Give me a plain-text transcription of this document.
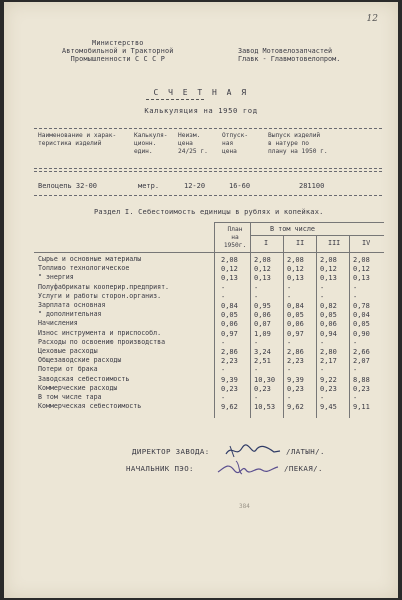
12
Министерство
Автомобильной и Тракторной
Промышленности С С С Р
Завод Мотовелозапчастей
Главк - Главмотовелопром.
С Ч Е Т Н А Я
Калькуляция на 1950 год
Наименование и харак-
теристика изделий
Калькуля-
ционн.
един.
Неизм.
цена
24/25 г.
Отпуск-
ная
цена
Выпуск изделий
в натуре по
плану на 1950 г.
Велоцепь 32-00	метр.	12-20	16-60	281100
Раздел I. Себестоимость единицы в рублях и копейках.
План
на
1950г.
В том числе
I	II	III	IV
Сырье и основные материалы	2,08 2,08 2,08 2,08 2,08
Топливо технологическое	0,12 0,12 0,12 0,12 0,12
" энергия	0,13 0,13 0,13 0,13 0,13
Полуфабрикаты кооперир.предприят.	-	-	-	-	-
Услуги и работы сторон.организ.	-	-	-	-	-
Зарплата основная	0,84 0,95 0,84 0,82 0,78
" дополнительная	0,05 0,06 0,05 0,05 0,04
Начисления	0,06 0,07 0,06 0,06 0,05
Износ инструмента и приспособл.	0,97 1,09 0,97 0,94 0,90
Расходы по освоению производства	-	-	-	-	-
Цеховые расходы	2,86 3,24 2,86 2,80 2,66
Общезаводские расходы	2,23 2,51 2,23 2,17 2,07
Потери от брака	-	-	-	-	-
Заводская себестоимость	9,39 10,30 9,39 9,22 8,88
Коммерческие расходы	0,23 0,23 0,23 0,23 0,23
В том числе тара	-	-	-	-	-
Коммерческая себестоимость	9,62 10,53 9,62 9,45 9,11
ДИРЕКТОР ЗАВОДА:	/ЛАТЫН/.
НАЧАЛЬНИК ПЭО:	/ПЕКАЯ/.
384
